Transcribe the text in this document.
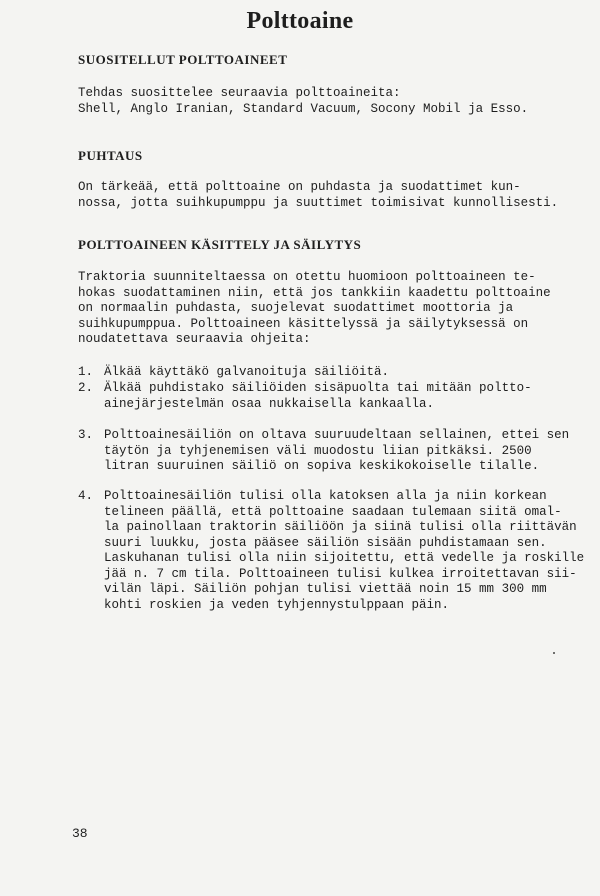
Polttoaine
SUOSITELLUT POLTTOAINEET
Tehdas suosittelee seuraavia polttoaineita:
Shell, Anglo Iranian, Standard Vacuum, Socony Mobil ja Esso.
PUHTAUS
On tärkeää, että polttoaine on puhdasta ja suodattimet kun-
nossa, jotta suihkupumppu ja suuttimet toimisivat kunnollisesti.
POLTTOAINEEN KÄSITTELY JA SÄILYTYS
Traktoria suunniteltaessa on otettu huomioon polttoaineen te-
hokas suodattaminen niin, että jos tankkiin kaadettu polttoaine
on normaalin puhdasta, suojelevat suodattimet moottoria ja
suihkupumppua. Polttoaineen käsittelyssä ja säilytyksessä on
noudatettava seuraavia ohjeita:
1. Älkää käyttäkö galvanoituja säiliöitä.
2. Älkää puhdistako säiliöiden sisäpuolta tai mitään poltto-
ainejärjestelmän osaa nukkaisella kankaalla.
3. Polttoainesäiliön on oltava suuruudeltaan sellainen, ettei sen
täytön ja tyhjenemisen väli muodostu liian pitkäksi. 2500
litran suuruinen säiliö on sopiva keskikokoiselle tilalle.
4. Polttoainesäiliön tulisi olla katoksen alla ja niin korkean
telineen päällä, että polttoaine saadaan tulemaan siitä omal-
la painollaan traktorin säiliöön ja siinä tulisi olla riittävän
suuri luukku, josta pääsee säiliön sisään puhdistamaan sen.
Laskuhanan tulisi olla niin sijoitettu, että vedelle ja roskille
jää n. 7 cm tila. Polttoaineen tulisi kulkea irroitettavan sii-
vilän läpi. Säiliön pohjan tulisi viettää noin 15 mm 300 mm
kohti roskien ja veden tyhjennystulppaan päin.
38
